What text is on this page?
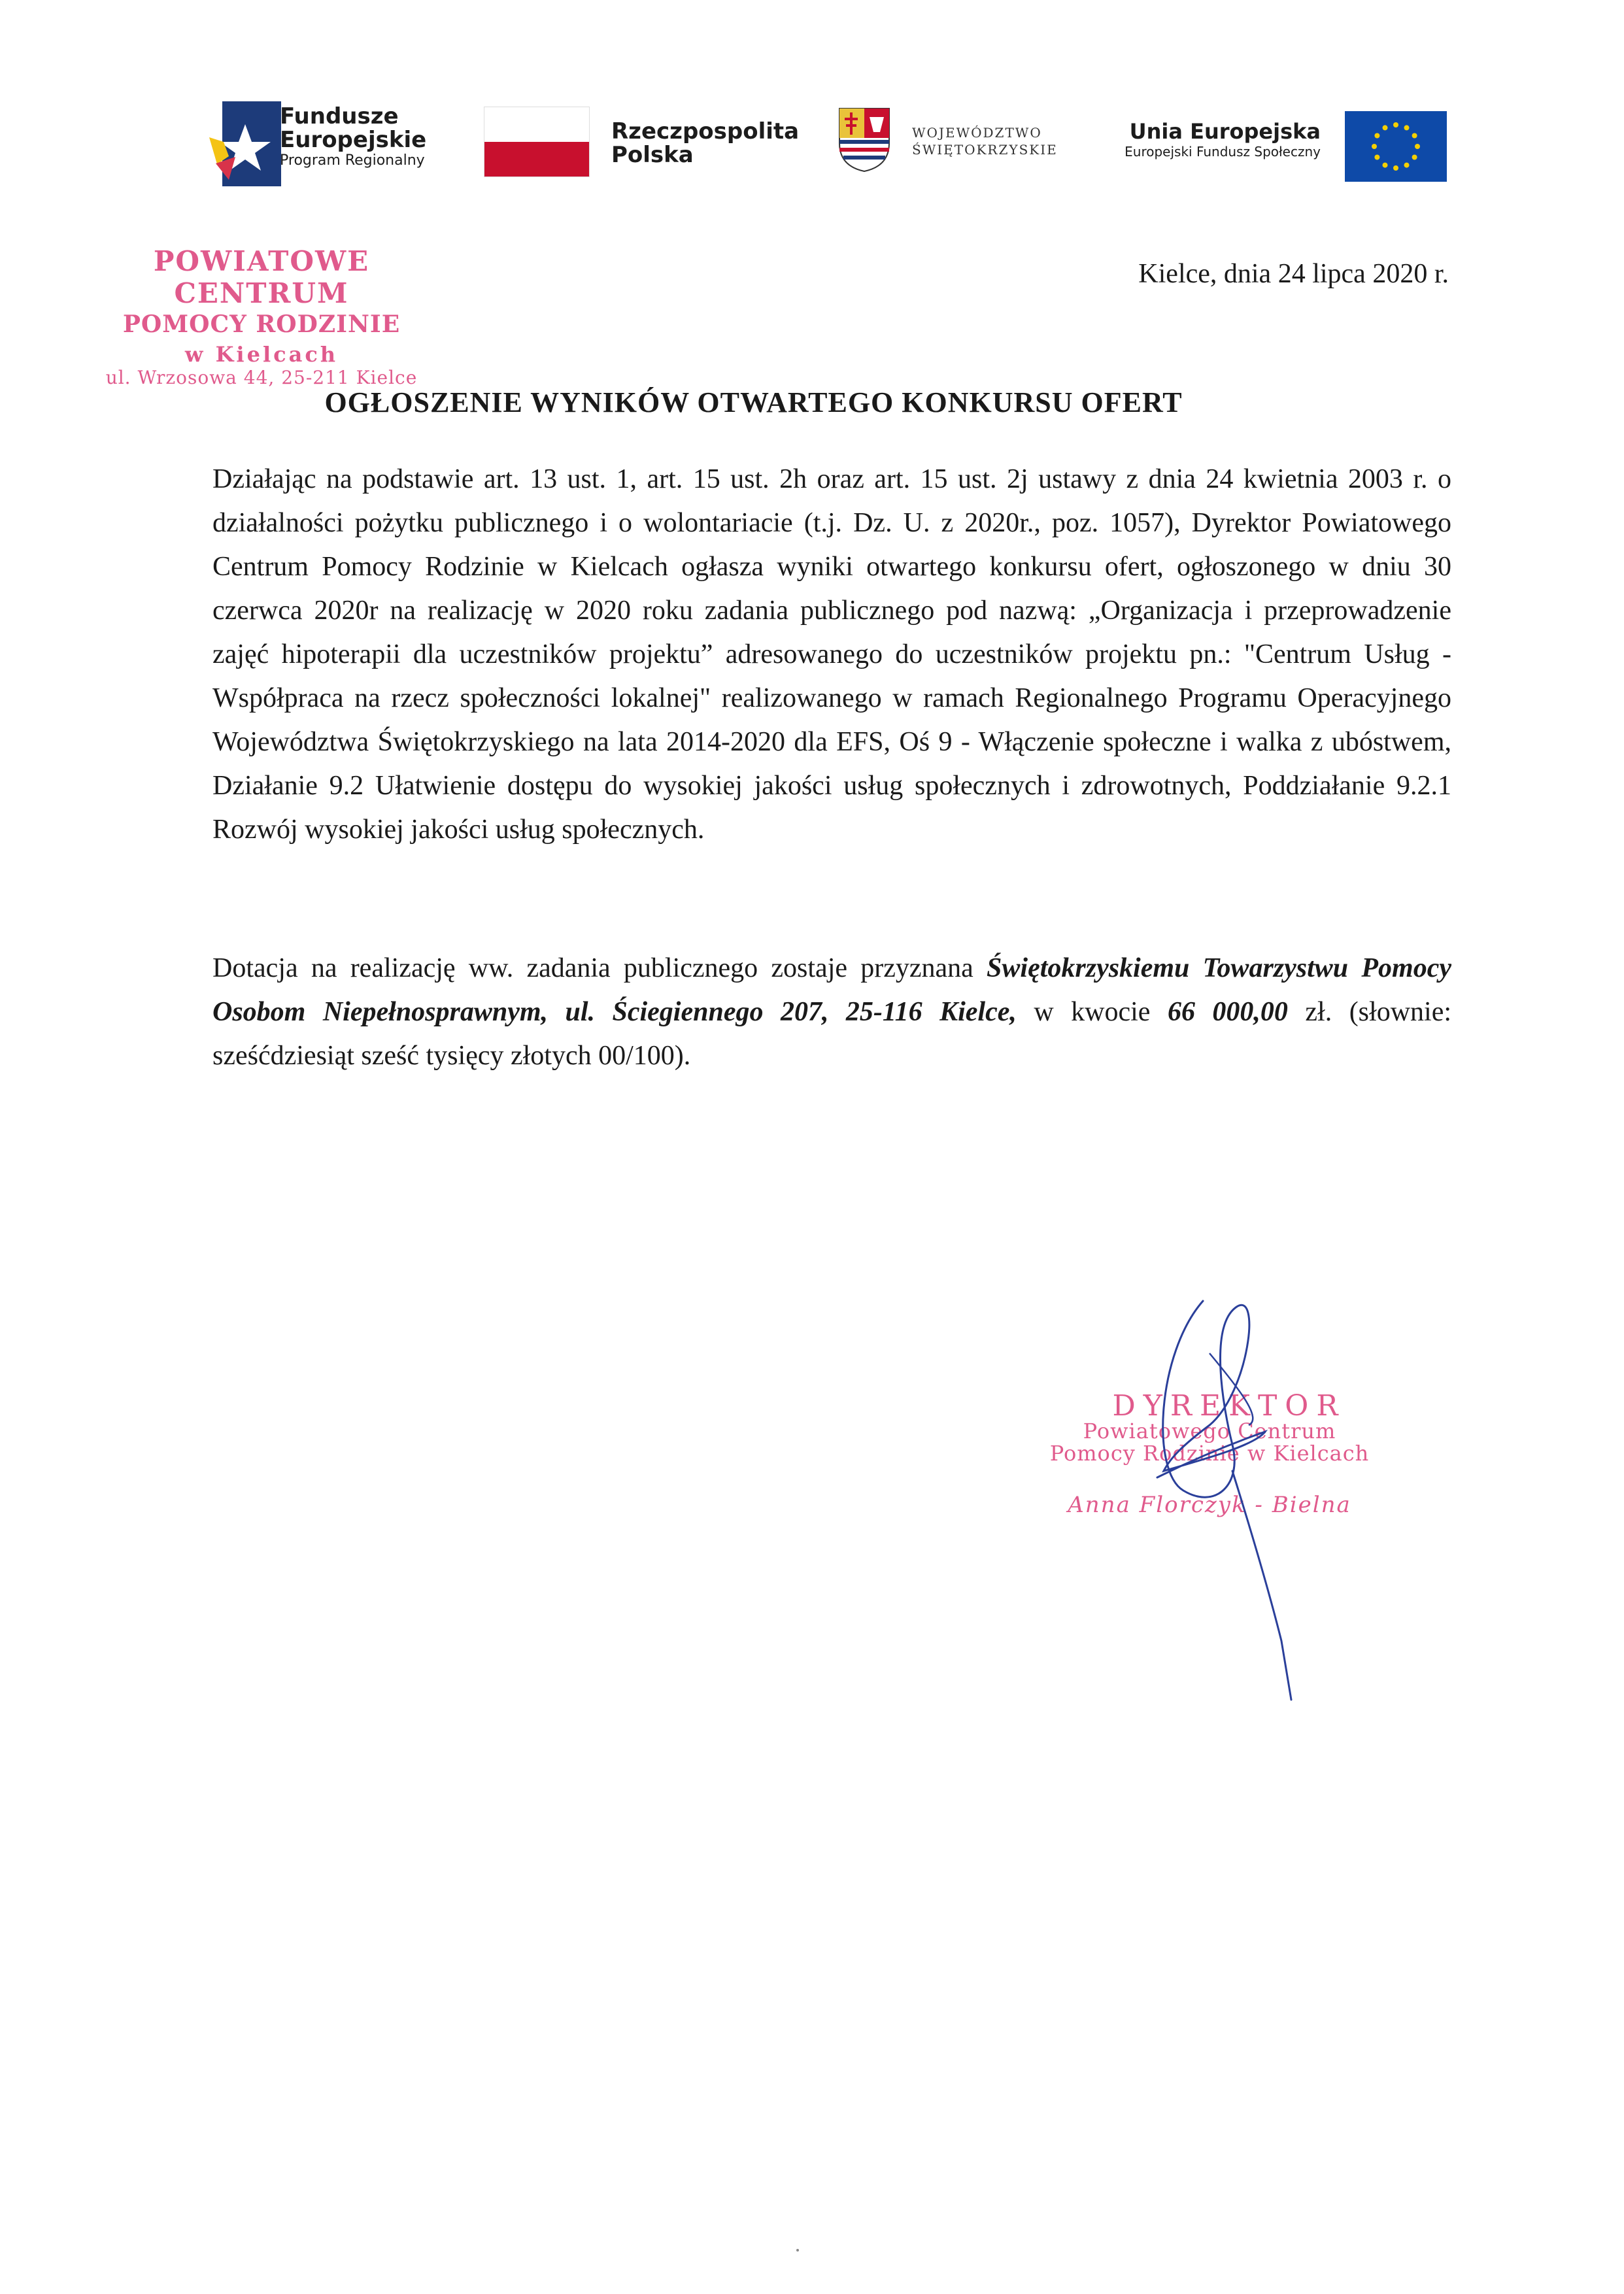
Fundusze
Europejskie
Program Regionalny
Rzeczpospolita
Polska
WOJEWÓDZTWO
ŚWIĘTOKRZYSKIE
Unia Europejska
Europejski Fundusz Społeczny
POWIATOWE CENTRUM
POMOCY RODZINIE
w Kielcach
ul. Wrzosowa 44, 25-211 Kielce
Kielce, dnia 24 lipca 2020 r.
OGŁOSZENIE WYNIKÓW OTWARTEGO KONKURSU OFERT
Działając na podstawie art. 13 ust. 1, art. 15 ust. 2h oraz art. 15 ust. 2j ustawy z dnia 24 kwietnia 2003 r. o działalności pożytku publicznego i o wolontariacie (t.j. Dz. U. z 2020r., poz. 1057), Dyrektor Powiatowego Centrum Pomocy Rodzinie w Kielcach ogłasza wyniki otwartego konkursu ofert, ogłoszonego w dniu 30 czerwca 2020r na realizację w 2020 roku zadania publicznego pod nazwą: „Organizacja i przeprowadzenie zajęć hipoterapii dla uczestników projektu” adresowanego do uczestników projektu pn.: "Centrum Usług - Współpraca na rzecz społeczności lokalnej" realizowanego w ramach Regionalnego Programu Operacyjnego Województwa Świętokrzyskiego na lata 2014-2020 dla EFS, Oś 9 - Włączenie społeczne i walka z ubóstwem, Działanie 9.2 Ułatwienie dostępu do wysokiej jakości usług społecznych i zdrowotnych, Poddziałanie 9.2.1 Rozwój wysokiej jakości usług społecznych.
Dotacja na realizację ww. zadania publicznego zostaje przyznana Świętokrzyskiemu Towarzystwu Pomocy Osobom Niepełnosprawnym, ul. Ściegiennego 207, 25-116 Kielce, w kwocie 66 000,00 zł. (słownie: sześćdziesiąt sześć tysięcy złotych 00/100).
DYREKTOR
Powiatowego Centrum
Pomocy Rodzinie w Kielcach
Anna Florczyk - Bielna
